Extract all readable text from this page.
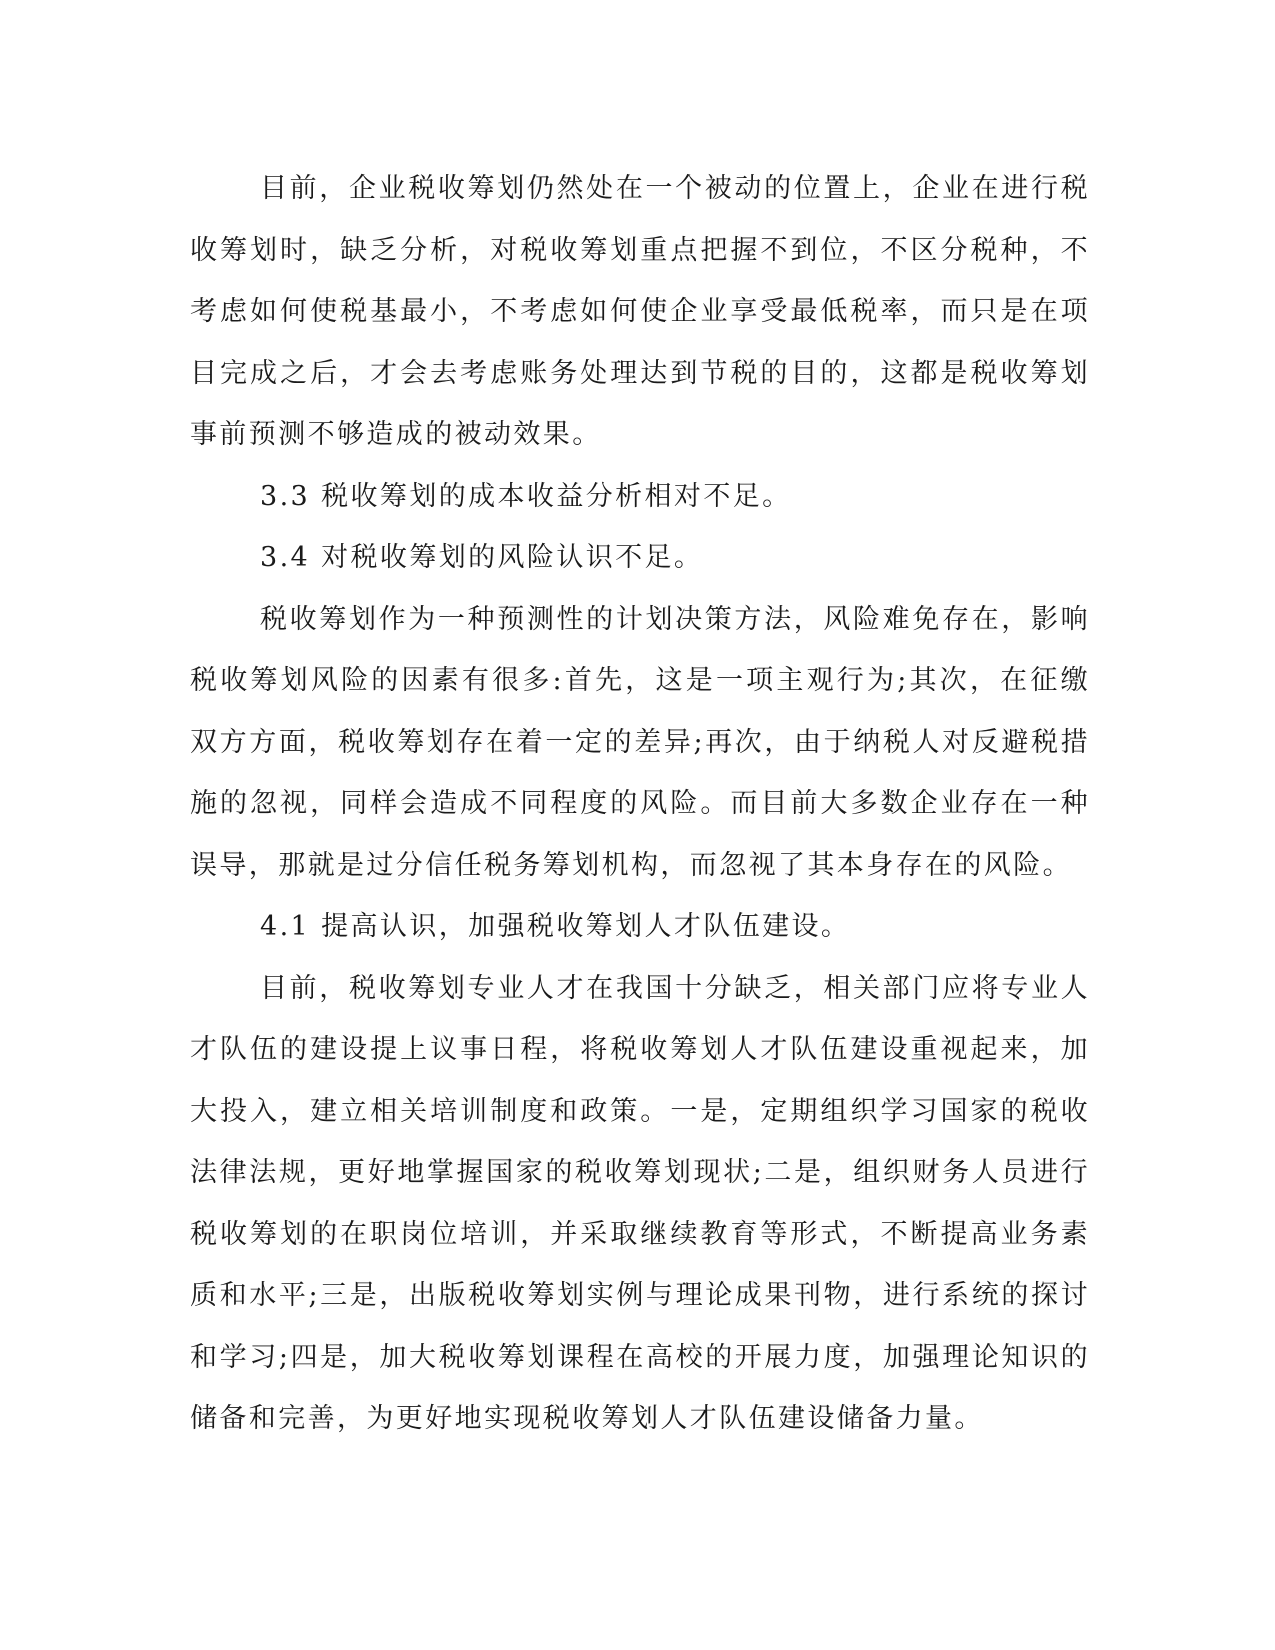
目前，企业税收筹划仍然处在一个被动的位置上，企业在进行税收筹划时，缺乏分析，对税收筹划重点把握不到位，不区分税种，不考虑如何使税基最小，不考虑如何使企业享受最低税率，而只是在项目完成之后，才会去考虑账务处理达到节税的目的，这都是税收筹划事前预测不够造成的被动效果。

3.3 税收筹划的成本收益分析相对不足。

3.4 对税收筹划的风险认识不足。

税收筹划作为一种预测性的计划决策方法，风险难免存在，影响税收筹划风险的因素有很多:首先，这是一项主观行为;其次，在征缴双方方面，税收筹划存在着一定的差异;再次，由于纳税人对反避税措施的忽视，同样会造成不同程度的风险。而目前大多数企业存在一种误导，那就是过分信任税务筹划机构，而忽视了其本身存在的风险。

4.1 提高认识，加强税收筹划人才队伍建设。

目前，税收筹划专业人才在我国十分缺乏，相关部门应将专业人才队伍的建设提上议事日程，将税收筹划人才队伍建设重视起来，加大投入，建立相关培训制度和政策。一是，定期组织学习国家的税收法律法规，更好地掌握国家的税收筹划现状;二是，组织财务人员进行税收筹划的在职岗位培训，并采取继续教育等形式，不断提高业务素质和水平;三是，出版税收筹划实例与理论成果刊物，进行系统的探讨和学习;四是，加大税收筹划课程在高校的开展力度，加强理论知识的储备和完善，为更好地实现税收筹划人才队伍建设储备力量。
